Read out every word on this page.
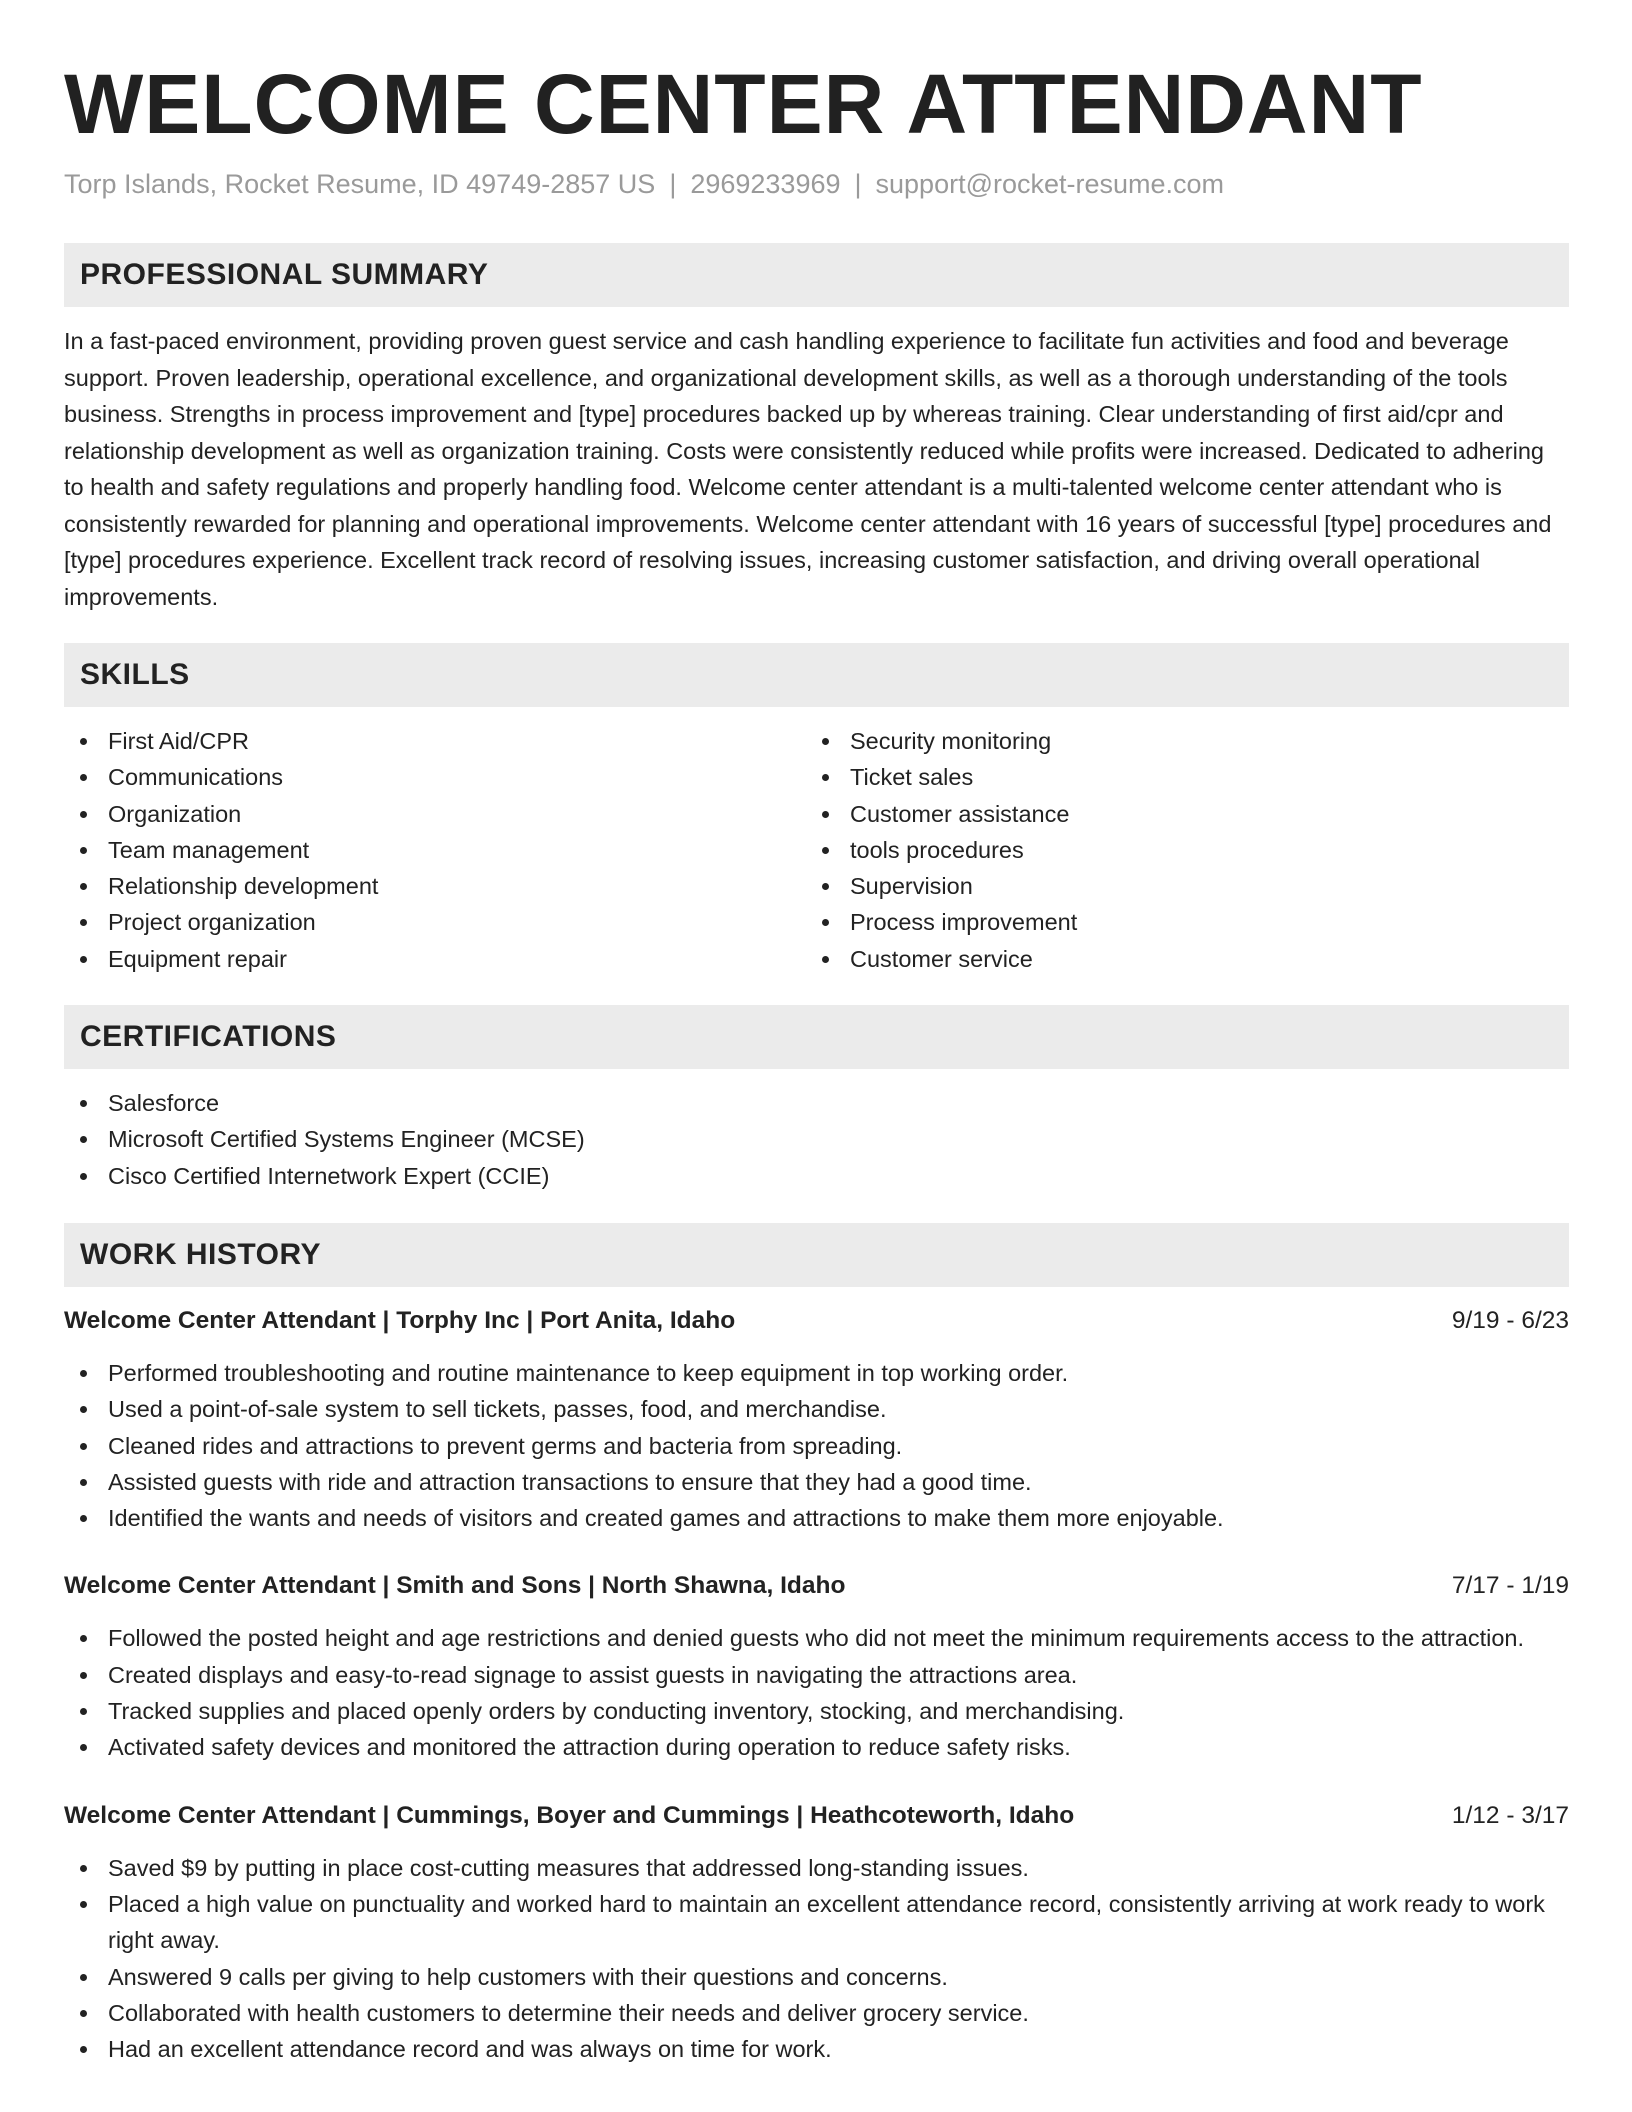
WELCOME CENTER ATTENDANT
Torp Islands, Rocket Resume, ID 49749-2857 US | 2969233969 | support@rocket-resume.com
PROFESSIONAL SUMMARY

In a fast-paced environment, providing proven guest service and cash handling experience to facilitate fun activities and food and beverage support. Proven leadership, operational excellence, and organizational development skills, as well as a thorough understanding of the tools business. Strengths in process improvement and [type] procedures backed up by whereas training. Clear understanding of first aid/cpr and relationship development as well as organization training. Costs were consistently reduced while profits were increased. Dedicated to adhering to health and safety regulations and properly handling food. Welcome center attendant is a multi-talented welcome center attendant who is consistently rewarded for planning and operational improvements. Welcome center attendant with 16 years of successful [type] procedures and [type] procedures experience. Excellent track record of resolving issues, increasing customer satisfaction, and driving overall operational improvements.

SKILLS
First Aid/CPR
Communications
Organization
Team management
Relationship development
Project organization
Equipment repair
Security monitoring
Ticket sales
Customer assistance
tools procedures
Supervision
Process improvement
Customer service
CERTIFICATIONS
Salesforce
Microsoft Certified Systems Engineer (MCSE)
Cisco Certified Internetwork Expert (CCIE)
WORK HISTORY
Welcome Center Attendant | Torphy Inc | Port Anita, Idaho	9/19 - 6/23
Performed troubleshooting and routine maintenance to keep equipment in top working order.
Used a point-of-sale system to sell tickets, passes, food, and merchandise.
Cleaned rides and attractions to prevent germs and bacteria from spreading.
Assisted guests with ride and attraction transactions to ensure that they had a good time.
Identified the wants and needs of visitors and created games and attractions to make them more enjoyable.
Welcome Center Attendant | Smith and Sons | North Shawna, Idaho	7/17 - 1/19
Followed the posted height and age restrictions and denied guests who did not meet the minimum requirements access to the attraction.
Created displays and easy-to-read signage to assist guests in navigating the attractions area.
Tracked supplies and placed openly orders by conducting inventory, stocking, and merchandising.
Activated safety devices and monitored the attraction during operation to reduce safety risks.
Welcome Center Attendant | Cummings, Boyer and Cummings | Heathcoteworth, Idaho	1/12 - 3/17
Saved $9 by putting in place cost-cutting measures that addressed long-standing issues.
Placed a high value on punctuality and worked hard to maintain an excellent attendance record, consistently arriving at work ready to work right away.
Answered 9 calls per giving to help customers with their questions and concerns.
Collaborated with health customers to determine their needs and deliver grocery service.
Had an excellent attendance record and was always on time for work.
